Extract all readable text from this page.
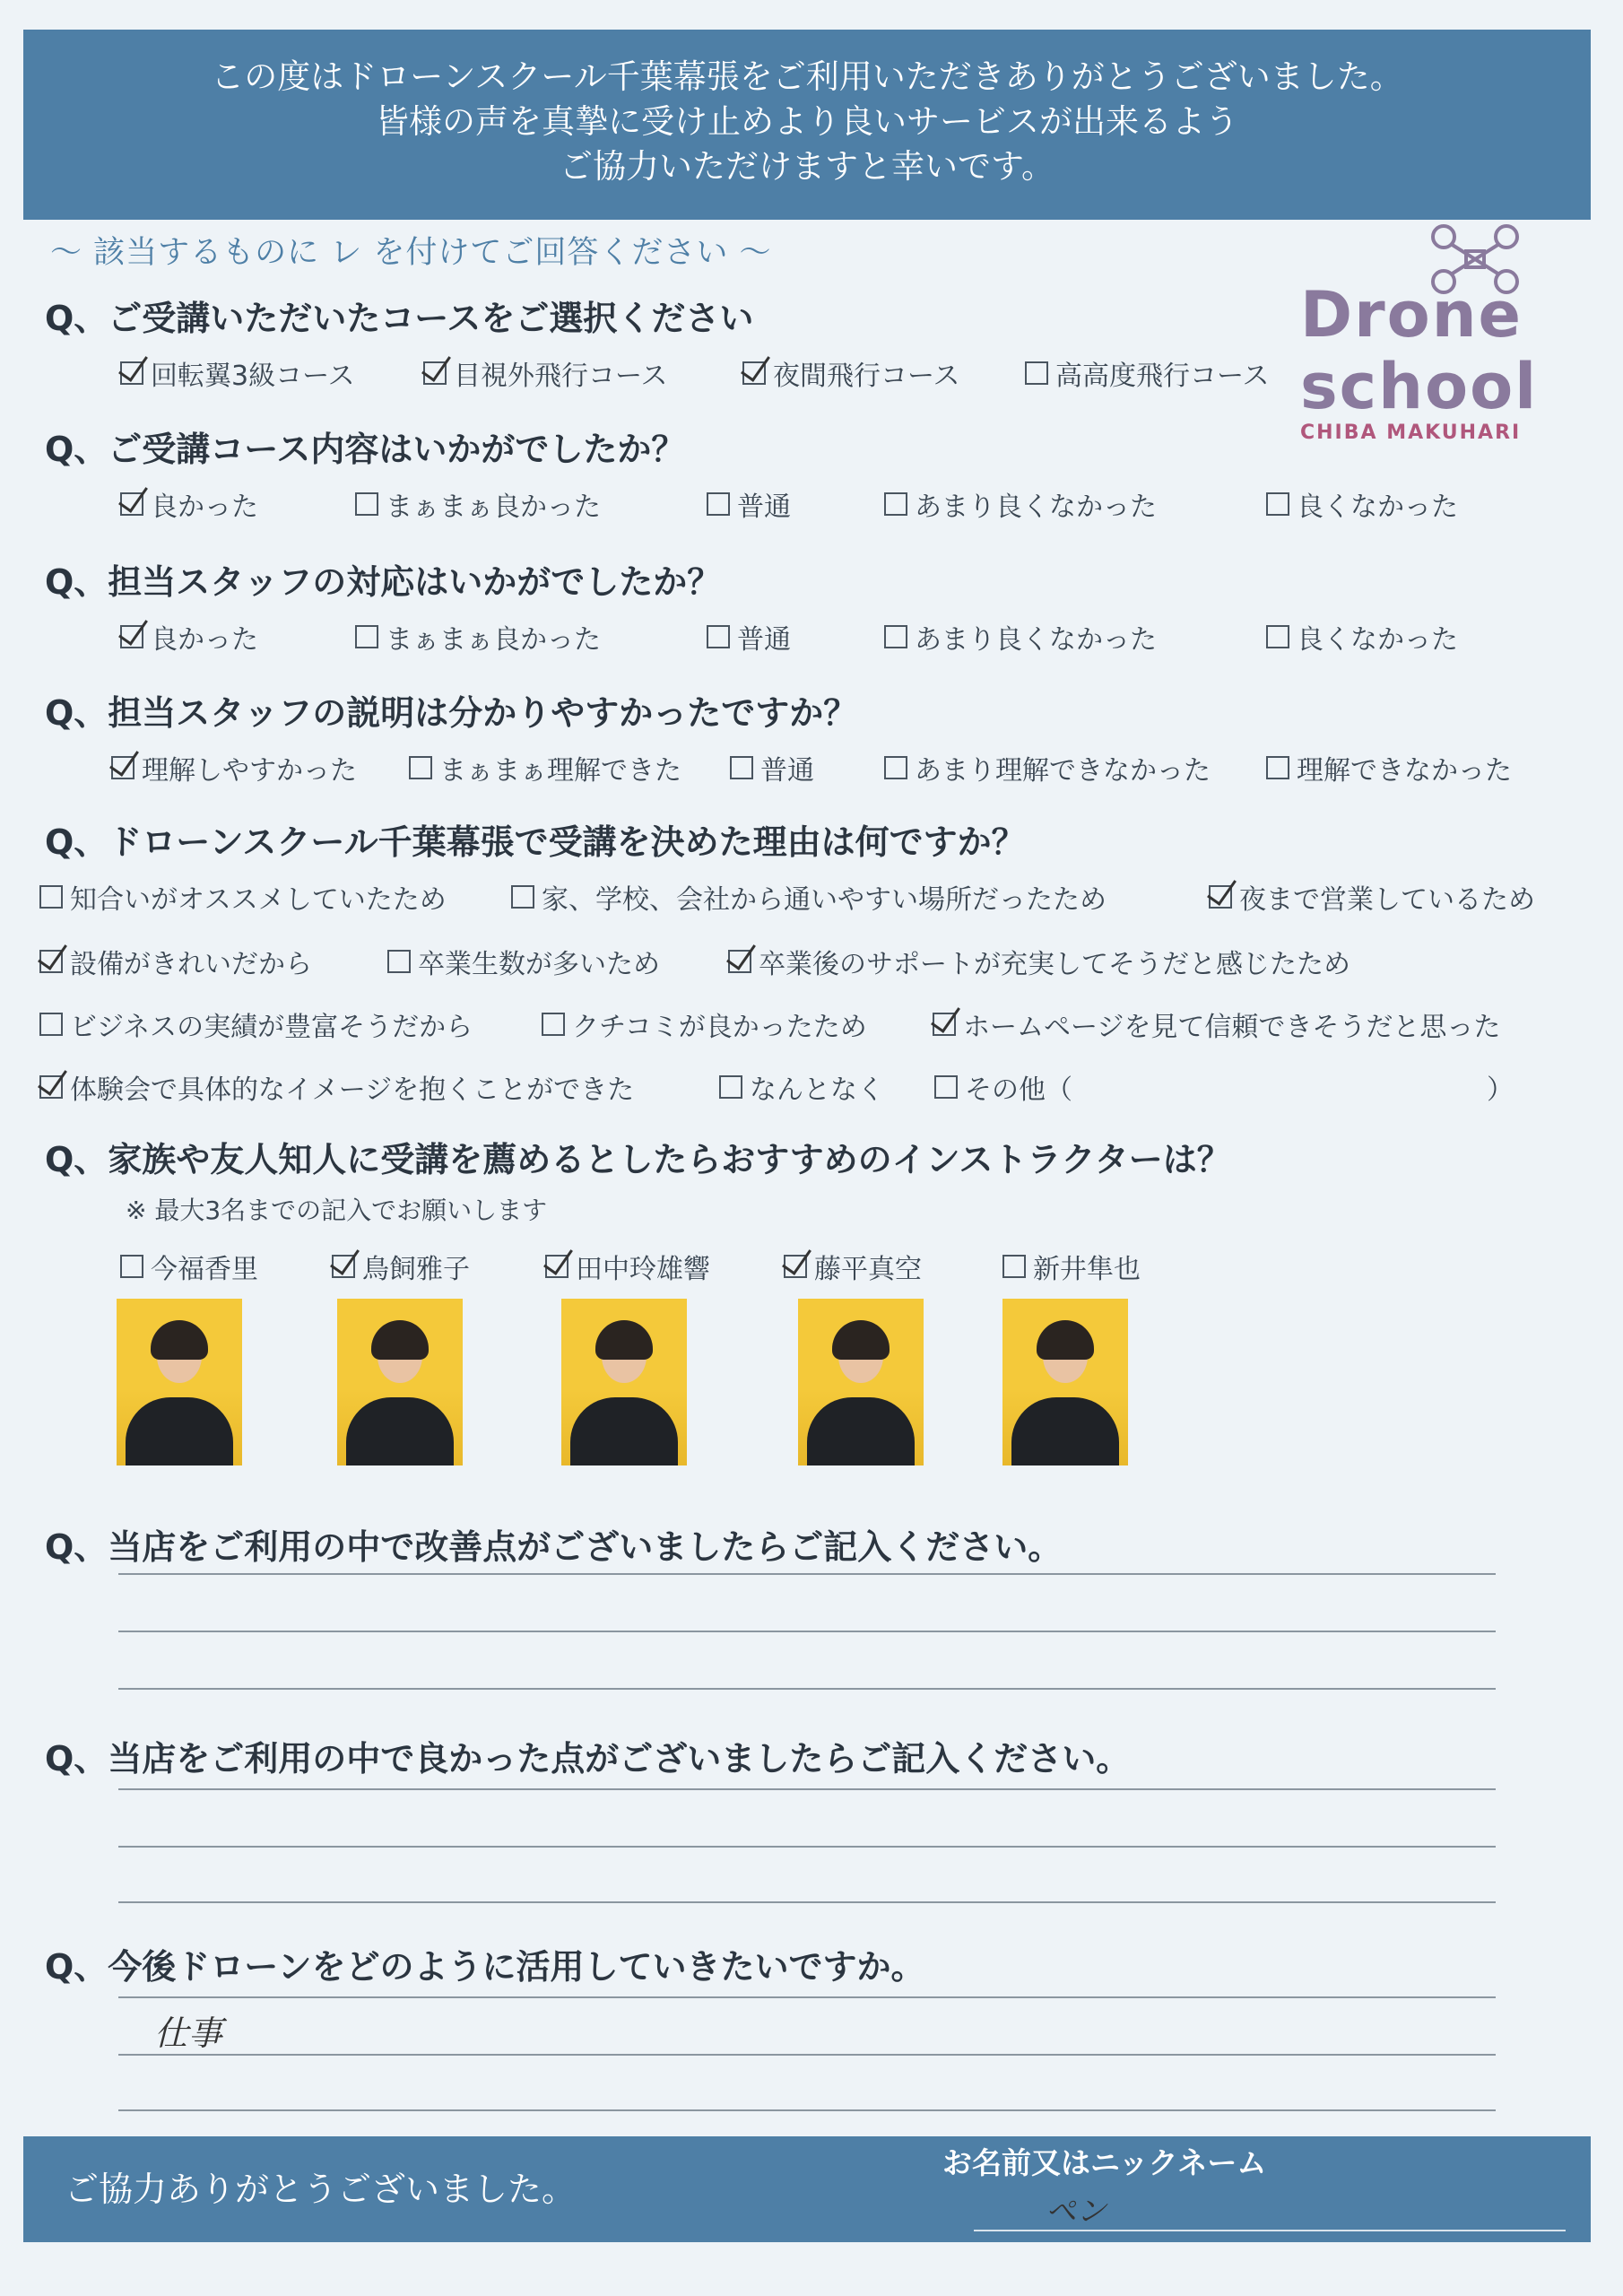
この度はドローンスクール千葉幕張をご利用いただきありがとうございました。
皆様の声を真摯に受け止めより良いサービスが出来るよう
ご協力いただけますと幸いです。
～ 該当するものに レ を付けてご回答ください ～
Drone
school
CHIBA MAKUHARI
Q、ご受講いただいたコースをご選択ください
回転翼3級コース	目視外飛行コース	夜間飛行コース	高高度飛行コース
Q、ご受講コース内容はいかがでしたか？
良かった	まぁまぁ良かった	普通	あまり良くなかった	良くなかった
Q、担当スタッフの対応はいかがでしたか？
良かった	まぁまぁ良かった	普通	あまり良くなかった	良くなかった
Q、担当スタッフの説明は分かりやすかったですか？
理解しやすかった	まぁまぁ理解できた	普通	あまり理解できなかった	理解できなかった
Q、ドローンスクール千葉幕張で受講を決めた理由は何ですか？
知合いがオススメしていたため	家、学校、会社から通いやすい場所だったため	夜まで営業しているため
設備がきれいだから	卒業生数が多いため	卒業後のサポートが充実してそうだと感じたため
ビジネスの実績が豊富そうだから	クチコミが良かったため	ホームページを見て信頼できそうだと思った
体験会で具体的なイメージを抱くことができた	なんとなく	その他（	）
Q、家族や友人知人に受講を薦めるとしたらおすすめのインストラクターは？
※ 最大3名までの記入でお願いします
今福香里	鳥飼雅子	田中玲雄響	藤平真空	新井隼也
Q、当店をご利用の中で改善点がございましたらご記入ください。
Q、当店をご利用の中で良かった点がございましたらご記入ください。
Q、今後ドローンをどのように活用していきたいですか。
仕事
ご協力ありがとうございました。
お名前又はニックネーム
ペン
